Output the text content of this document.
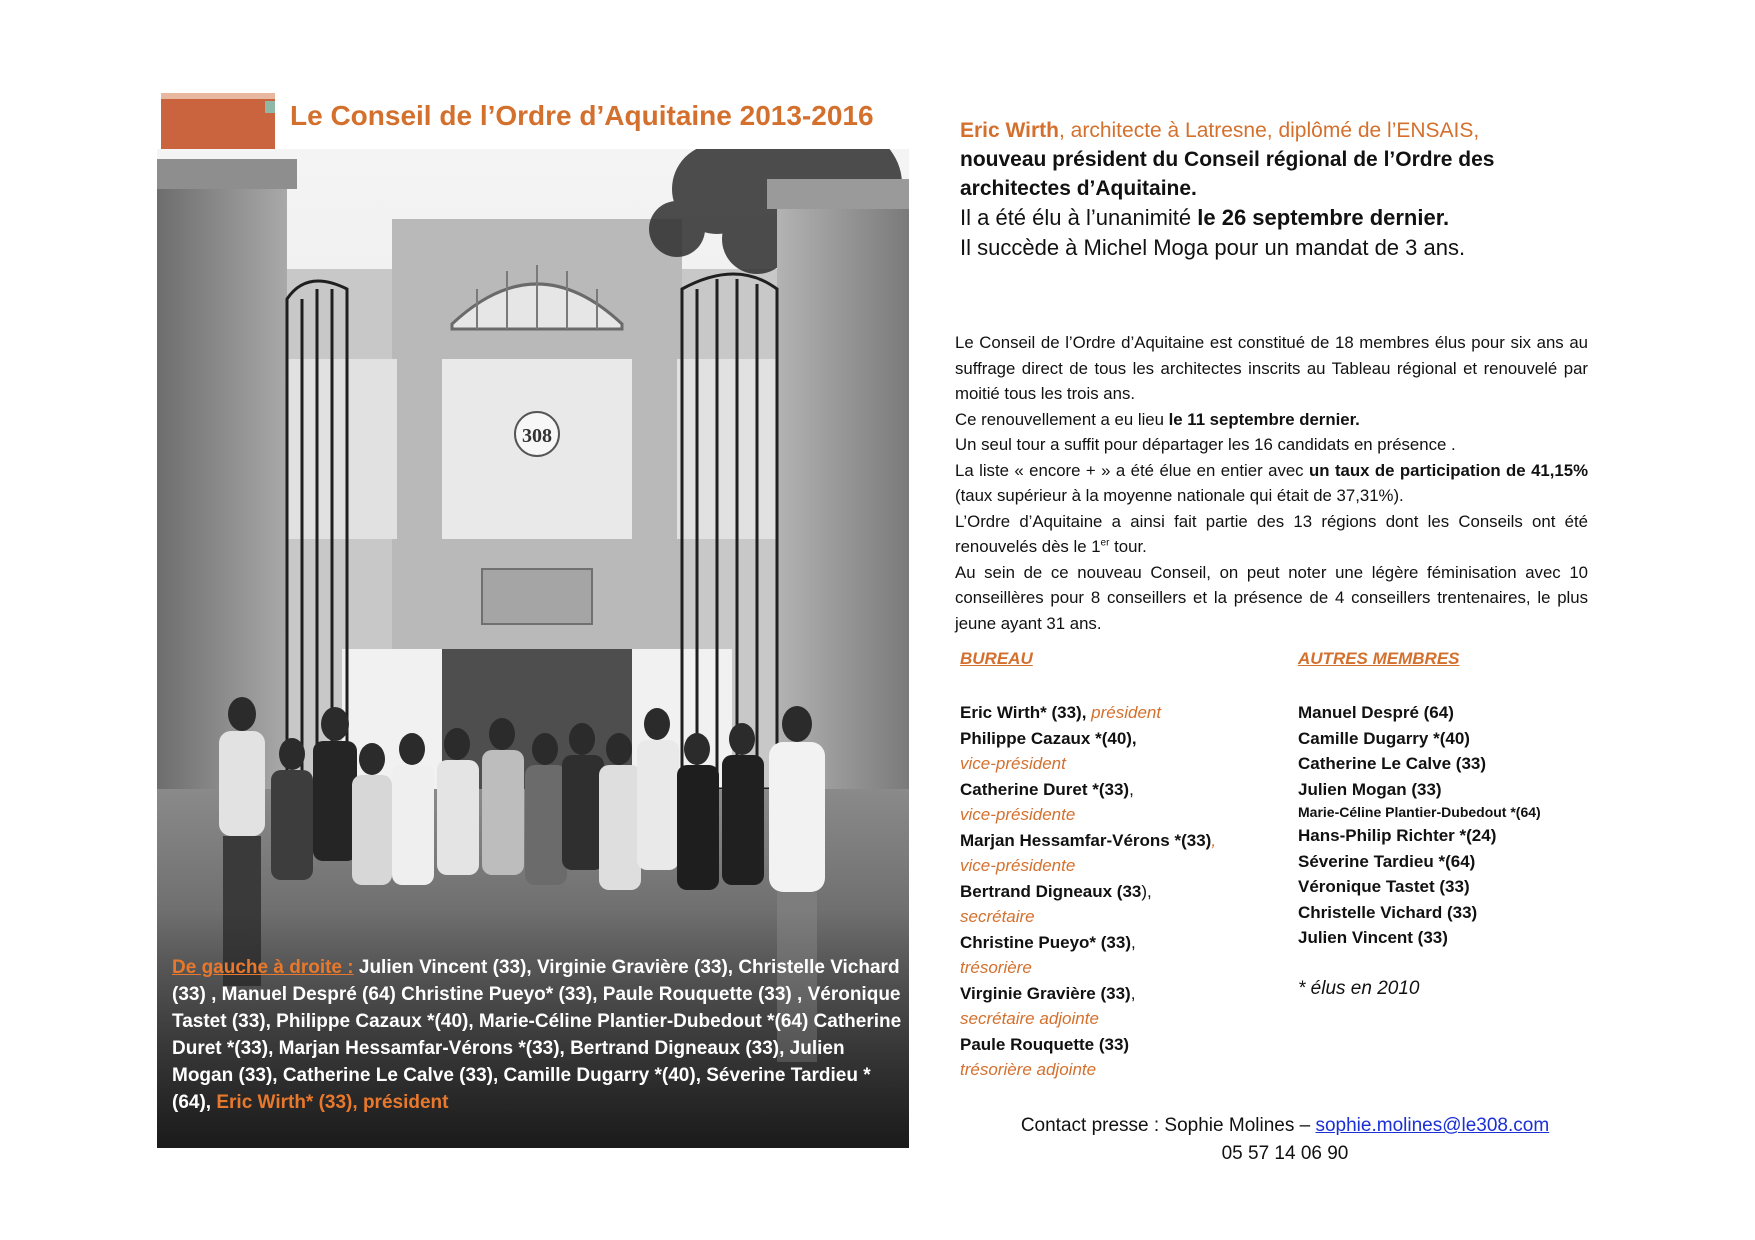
Le Conseil de l’Ordre d’Aquitaine 2013-2016
308
De gauche à droite : Julien Vincent (33), Virginie Gravière (33), Christelle Vichard (33) , Manuel Despré (64) Christine Pueyo* (33), Paule Rouquette (33) , Véronique Tastet (33), Philippe Cazaux *(40), Marie-Céline Plantier-Dubedout *(64) Catherine Duret *(33), Marjan Hessamfar-Vérons *(33), Bertrand Digneaux (33), Julien Mogan (33), Catherine Le Calve (33), Camille Dugarry *(40), Séverine Tardieu *(64), Eric Wirth* (33), président
Eric Wirth, architecte à Latresne, diplômé de l’ENSAIS,
nouveau président du Conseil régional de l’Ordre des architectes d’Aquitaine.
Il a été élu à l’unanimité le 26 septembre dernier.
Il succède à Michel Moga pour un mandat de 3 ans.

Le Conseil de l’Ordre d’Aquitaine est constitué de 18 membres élus pour six ans au suffrage direct de tous les architectes inscrits au Tableau régional et renouvelé par moitié tous les trois ans.

Ce renouvellement a eu lieu le 11 septembre dernier.

Un seul tour a suffit pour départager les 16 candidats en présence .

La liste « encore + » a été élue en entier avec un taux de participation de 41,15% (taux supérieur à la moyenne nationale qui était de 37,31%).

L’Ordre d’Aquitaine a ainsi fait partie des 13 régions dont les Conseils ont été renouvelés dès le 1er tour.

Au sein de ce nouveau Conseil, on peut noter une légère féminisation avec 10 conseillères pour 8 conseillers et la présence de 4 conseillers trentenaires, le plus jeune ayant 31 ans.

BUREAU
Eric Wirth* (33), président
Philippe Cazaux *(40),
vice-président
Catherine Duret *(33),
vice-présidente
Marjan Hessamfar-Vérons *(33),
vice-présidente
Bertrand Digneaux (33),
secrétaire
Christine Pueyo* (33),
trésorière
Virginie Gravière (33),
secrétaire adjointe
Paule Rouquette (33)
trésorière adjointe
AUTRES MEMBRES
Manuel Despré (64)
Camille Dugarry *(40)
Catherine Le Calve (33)
Julien Mogan (33)
Marie-Céline Plantier-Dubedout *(64)
Hans-Philip Richter *(24)
Séverine Tardieu *(64)
Véronique Tastet (33)
Christelle Vichard (33)
Julien Vincent (33)
* élus en 2010
Contact presse : Sophie Molines – sophie.molines@le308.com
05 57 14 06 90
